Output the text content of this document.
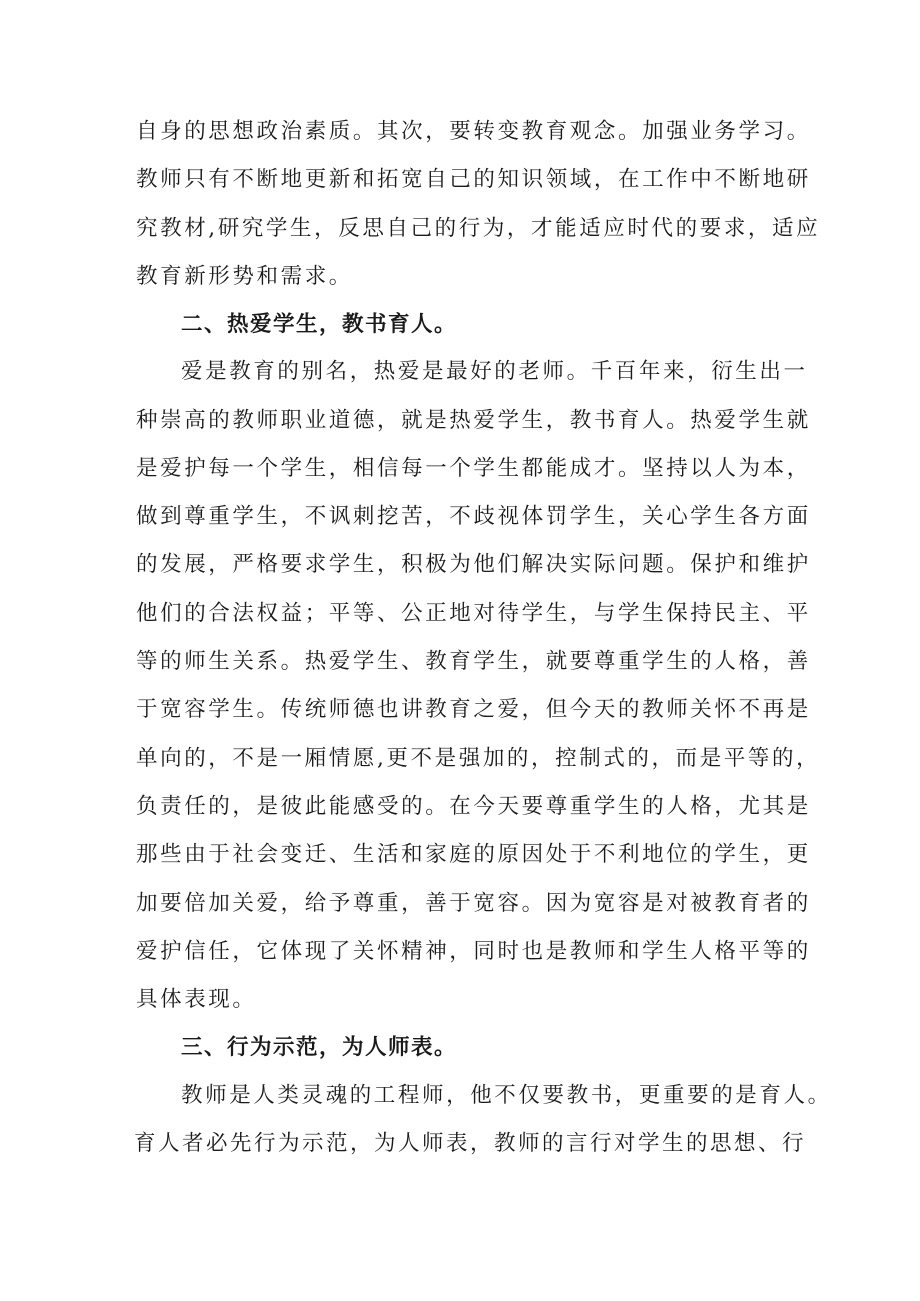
自身的思想政治素质。其次，要转变教育观念。加强业务学习。
教师只有不断地更新和拓宽自己的知识领域，在工作中不断地研
究教材,研究学生，反思自己的行为，才能适应时代的要求，适应
教育新形势和需求。
二、热爱学生，教书育人。
爱是教育的别名，热爱是最好的老师。千百年来，衍生出一
种崇高的教师职业道德，就是热爱学生，教书育人。热爱学生就
是爱护每一个学生，相信每一个学生都能成才。坚持以人为本，
做到尊重学生，不讽刺挖苦，不歧视体罚学生，关心学生各方面
的发展，严格要求学生，积极为他们解决实际问题。保护和维护
他们的合法权益；平等、公正地对待学生，与学生保持民主、平
等的师生关系。热爱学生、教育学生，就要尊重学生的人格，善
于宽容学生。传统师德也讲教育之爱，但今天的教师关怀不再是
单向的，不是一厢情愿,更不是强加的，控制式的，而是平等的，
负责任的，是彼此能感受的。在今天要尊重学生的人格，尤其是
那些由于社会变迁、生活和家庭的原因处于不利地位的学生，更
加要倍加关爱，给予尊重，善于宽容。因为宽容是对被教育者的
爱护信任，它体现了关怀精神，同时也是教师和学生人格平等的
具体表现。
三、行为示范，为人师表。
教师是人类灵魂的工程师，他不仅要教书，更重要的是育人。
育人者必先行为示范，为人师表，教师的言行对学生的思想、行
